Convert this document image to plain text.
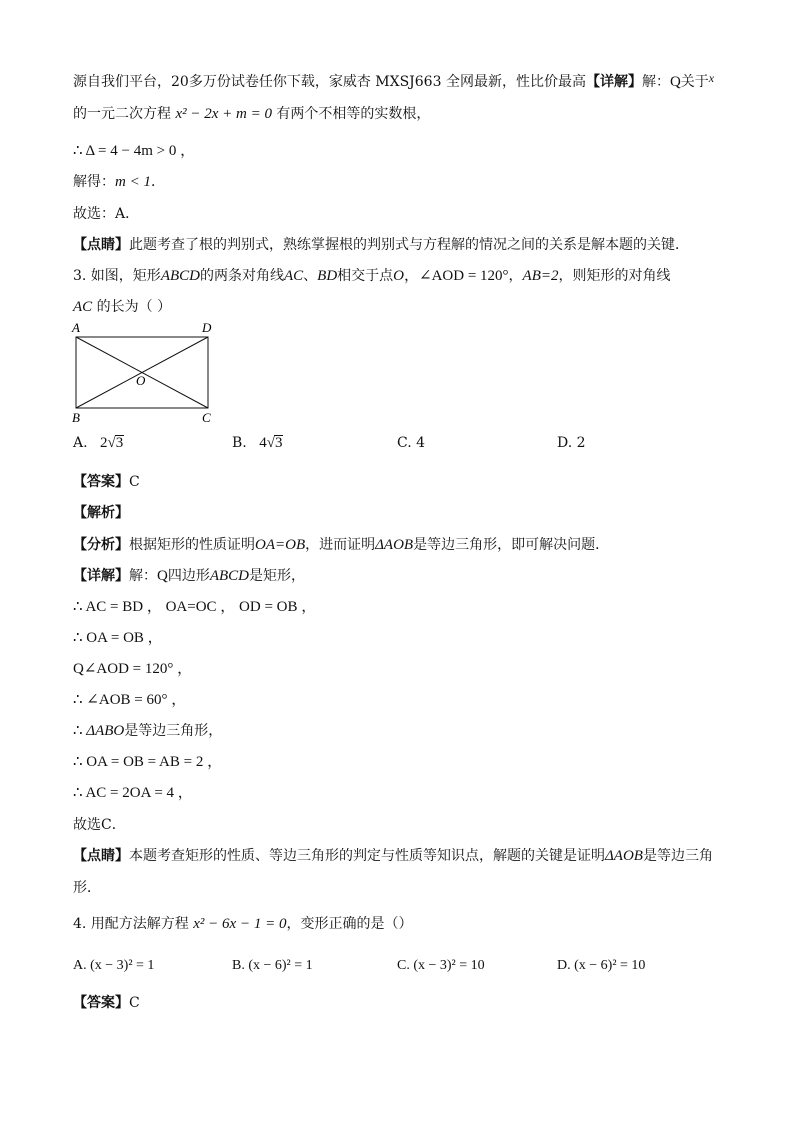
源自我们平台，20多万份试卷任你下载，家威杏 MXSJ663 全网最新，性比价最高【详解】解：Q关于x
的一元二次方程 x² − 2x + m = 0 有两个不相等的实数根，
∴ Δ = 4 − 4m > 0 ，
解得：m < 1．
故选：A．
【点睛】此题考查了根的判别式，熟练掌握根的判别式与方程解的情况之间的关系是解本题的关键．
3. 如图，矩形ABCD的两条对角线AC、BD相交于点O，∠AOD = 120°，AB=2，则矩形的对角线
AC 的长为（ ）
A	D
B	C
O
A. 2√3	B. 4√3	C. 4	D. 2
【答案】C
【解析】
【分析】根据矩形的性质证明OA=OB，进而证明ΔAOB是等边三角形，即可解决问题．
【详解】解：Q四边形ABCD是矩形，
∴ AC = BD ， OA=OC ， OD = OB ，
∴ OA = OB ，
Q∠AOD = 120° ，
∴ ∠AOB = 60° ，
∴ ΔABO是等边三角形，
∴ OA = OB = AB = 2 ，
∴ AC = 2OA = 4 ，
故选C．
【点睛】本题考查矩形的性质、等边三角形的判定与性质等知识点，解题的关键是证明ΔAOB是等边三角
形．
4. 用配方法解方程 x² − 6x − 1 = 0，变形正确的是（）
A. (x − 3)² = 1	B. (x − 6)² = 1	C. (x − 3)² = 10	D. (x − 6)² = 10
【答案】C
